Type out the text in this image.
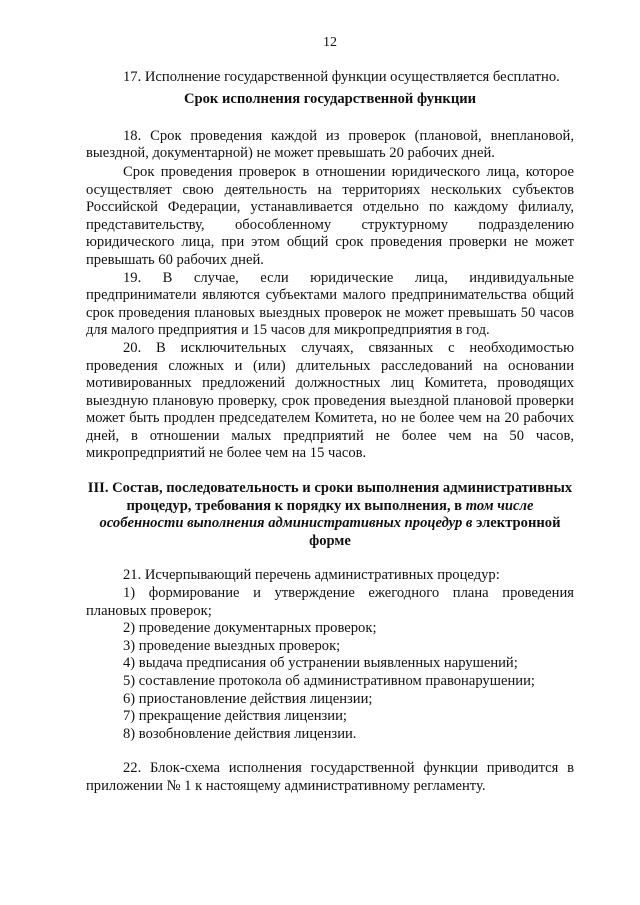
12

17. Исполнение государственной функции осуществляется бесплатно.

Срок исполнения государственной функции

18. Срок проведения каждой из проверок (плановой, внеплановой, выездной, документарной) не может превышать 20 рабочих дней.

Срок проведения проверок в отношении юридического лица, которое осуществляет свою деятельность на территориях нескольких субъектов Российской Федерации, устанавливается отдельно по каждому филиалу, представительству, обособленному структурному подразделению юридического лица, при этом общий срок проведения проверки не может превышать 60 рабочих дней.

19. В случае, если юридические лица, индивидуальные предприниматели являются субъектами малого предпринимательства общий срок проведения плановых выездных проверок не может превышать 50 часов для малого предприятия и 15 часов для микропредприятия в год.

20. В исключительных случаях, связанных с необходимостью проведения сложных и (или) длительных расследований на основании мотивированных предложений должностных лиц Комитета, проводящих выездную плановую проверку, срок проведения выездной плановой проверки может быть продлен председателем Комитета, но не более чем на 20 рабочих дней, в отношении малых предприятий не более чем на 50 часов, микропредприятий не более чем на 15 часов.

III. Состав, последовательность и сроки выполнения административных процедур, требования к порядку их выполнения, в том числе особенности выполнения административных процедур в электронной форме

21. Исчерпывающий перечень административных процедур:

1) формирование и утверждение ежегодного плана проведения плановых проверок;

2) проведение документарных проверок;

3) проведение выездных проверок;

4) выдача предписания об устранении выявленных нарушений;

5) составление протокола об административном правонарушении;

6) приостановление действия лицензии;

7) прекращение действия лицензии;

8) возобновление действия лицензии.

22. Блок-схема исполнения государственной функции приводится в приложении № 1 к настоящему административному регламенту.
